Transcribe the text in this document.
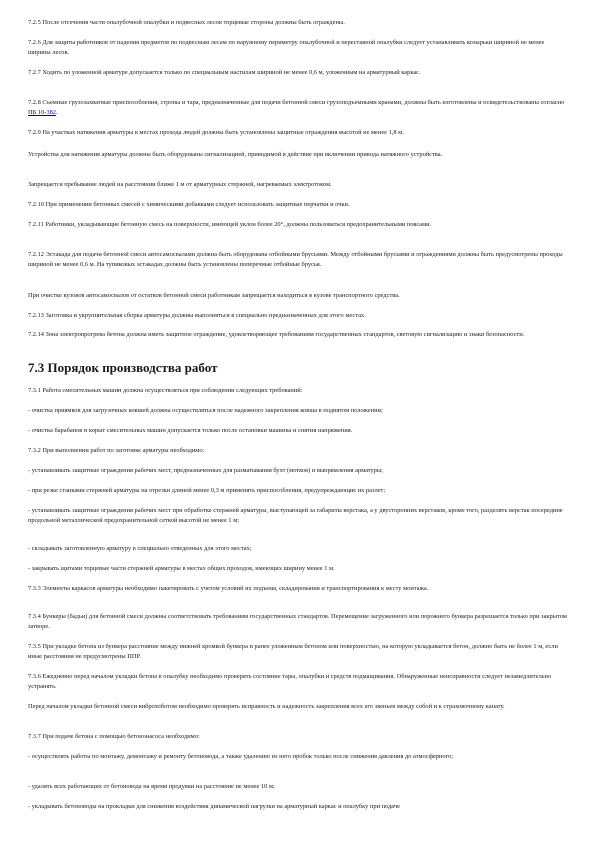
7.2.5 После отсечения части опалубочной опалубки и подвесных лесов торцевые стороны должны быть ограждены.

7.2.6 Для защиты работников от падения предметов по подвесным лесам по наружному периметру опалубочной и переставной опалубки следует устанавливать козырьки шириной не менее ширины лесов.

7.2.7 Ходить по уложенной арматуре допускается только по специальным настилам шириной не менее 0,6 м, уложенным на арматурный каркас.

7.2.8 Съемные грузозахватные приспособления, стропы и тара, предназначенные для подачи бетонной смеси грузоподъемными кранами, должны быть изготовлены и освидетельствованы согласно ПБ 10-382.

7.2.9 На участках натяжения арматуры в местах прохода людей должны быть установлены защитные ограждения высотой не менее 1,8 м.

Устройства для натяжения арматуры должны быть оборудованы сигнализацией, приводимой в действие при включении привода натяжного устройства.

Запрещается пребывание людей на расстоянии ближе 1 м от арматурных стержней, нагреваемых электротоком.

7.2.10 При применении бетонных смесей с химическими добавками следует использовать защитные перчатки и очки.

7.2.11 Работники, укладывающие бетонную смесь на поверхности, имеющей уклон более 20°, должны пользоваться предохранительными поясами.

7.2.12 Эстакада для подачи бетонной смеси автосамосвалами должна быть оборудована отбойными брусьями. Между отбойными брусьями и ограждениями должны быть предусмотрены проходы шириной не менее 0,6 м. На тупиковых эстакадах должны быть установлены поперечные отбойные брусья.

При очистке кузовов автосамосвалов от остатков бетонной смеси работникам запрещается находиться в кузове транспортного средства.

7.2.13 Заготовка и укрупнительная сборка арматуры должны выполняться в специально предназначенных для этого местах.

7.2.14 Зона электропрогрева бетона должна иметь защитное ограждение, удовлетворяющее требованиям государственных стандартов, световую сигнализацию и знаки безопасности.

7.3 Порядок производства работ

7.3.1 Работа смесительных машин должна осуществляться при соблюдении следующих требований:

- очистка приямков для загрузочных ковшей должна осуществляться после надежного закрепления ковша в поднятом положении;

- очистка барабанов и корыт смесительных машин допускается только после остановки машины и снятия напряжения.

7.3.2 При выполнении работ по заготовке арматуры необходимо:

- устанавливать защитные ограждения рабочих мест, предназначенных для разматывания бухт (мотков) и выпрямления арматуры;

- при резке станками стержней арматуры на отрезки длиной менее 0,3 м применять приспособления, предупреждающие их разлет;

- устанавливать защитные ограждения рабочих мест при обработке стержней арматуры, выступающей за габариты верстака, а у двусторонних верстаков, кроме того, разделять верстак посередине продольной металлической предохранительной сеткой высотой не менее 1 м;

- складывать заготовленную арматуру в специально отведенных для этого местах;

- закрывать щитами торцевые части стержней арматуры в местах общих проходов, имеющих ширину менее 1 м.

7.3.3 Элементы каркасов арматуры необходимо пакетировать с учетом условий их подъема, складирования и транспортирования к месту монтажа.

7.3.4 Бункеры (бадьи) для бетонной смеси должны соответствовать требованиям государственных стандартов. Перемещение загруженного или порожнего бункера разрешается только при закрытом затворе.

7.3.5 При укладке бетона из бункера расстояние между нижней кромкой бункера и ранее уложенным бетоном или поверхностью, на которую укладывается бетон, должно быть не более 1 м, если иные расстояния не предусмотрены ППР.

7.3.6 Ежедневно перед началом укладки бетона в опалубку необходимо проверять состояние тары, опалубки и средств подмащивания. Обнаруженные неисправности следует незамедлительно устранять.

Перед началом укладки бетонной смеси виброхоботом необходимо проверять исправность и надежность закрепления всех его звеньев между собой и к страховочному канату.

7.3.7 При подаче бетона с помощью бетононасоса необходимо:

- осуществлять работы по монтажу, демонтажу и ремонту бетоновода, а также удалению из него пробок только после снижения давления до атмосферного;

- удалять всех работающих от бетоновода на время продувки на расстояние не менее 10 м;

- укладывать бетоноводы на прокладки для снижения воздействия динамической нагрузки на арматурный каркас и опалубку при подаче
